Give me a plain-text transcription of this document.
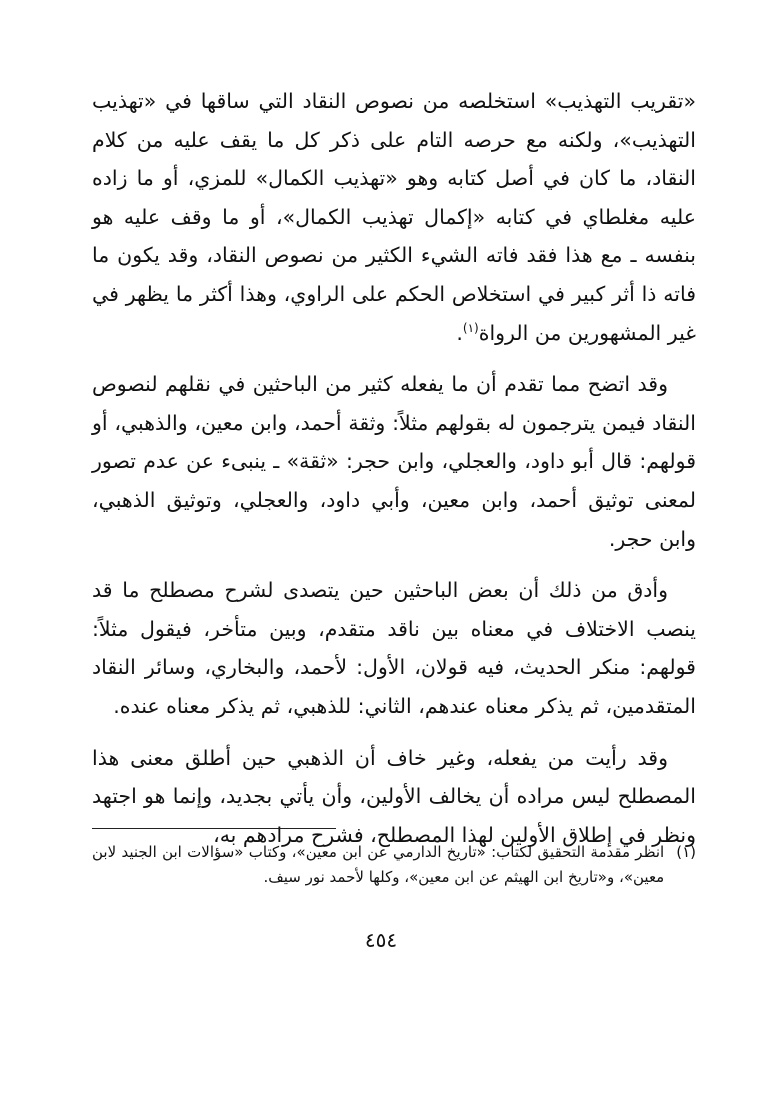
«تقريب التهذيب» استخلصه من نصوص النقاد التي ساقها في «تهذيب التهذيب»، ولكنه مع حرصه التام على ذكر كل ما يقف عليه من كلام النقاد، ما كان في أصل كتابه وهو «تهذيب الكمال» للمزي، أو ما زاده عليه مغلطاي في كتابه «إكمال تهذيب الكمال»، أو ما وقف عليه هو بنفسه ـ مع هذا فقد فاته الشيء الكثير من نصوص النقاد، وقد يكون ما فاته ذا أثر كبير في استخلاص الحكم على الراوي، وهذا أكثر ما يظهر في غير المشهورين من الرواة$^{(١)}$.

وقد اتضح مما تقدم أن ما يفعله كثير من الباحثين في نقلهم لنصوص النقاد فيمن يترجمون له بقولهم مثلاً: وثقة أحمد، وابن معين، والذهبي، أو قولهم: قال أبو داود، والعجلي، وابن حجر: «ثقة» ـ ينبىء عن عدم تصور لمعنى توثيق أحمد، وابن معين، وأبي داود، والعجلي، وتوثيق الذهبي، وابن حجر.

وأدق من ذلك أن بعض الباحثين حين يتصدى لشرح مصطلح ما قد ينصب الاختلاف في معناه بين ناقد متقدم، وبين متأخر، فيقول مثلاً: قولهم: منكر الحديث، فيه قولان، الأول: لأحمد، والبخاري، وسائر النقاد المتقدمين، ثم يذكر معناه عندهم، الثاني: للذهبي، ثم يذكر معناه عنده.

وقد رأيت من يفعله، وغير خاف أن الذهبي حين أطلق معنى هذا المصطلح ليس مراده أن يخالف الأولين، وأن يأتي بجديد، وإنما هو اجتهد ونظر في إطلاق الأولين لهذا المصطلح، فشرح مرادهم به،

(١)
انظر مقدمة التحقيق لكتاب: «تاريخ الدارمي عن ابن معين»، وكتاب «سؤالات ابن الجنيد لابن معين»، و«تاريخ ابن الهيثم عن ابن معين»، وكلها لأحمد نور سيف.
٤٥٤
